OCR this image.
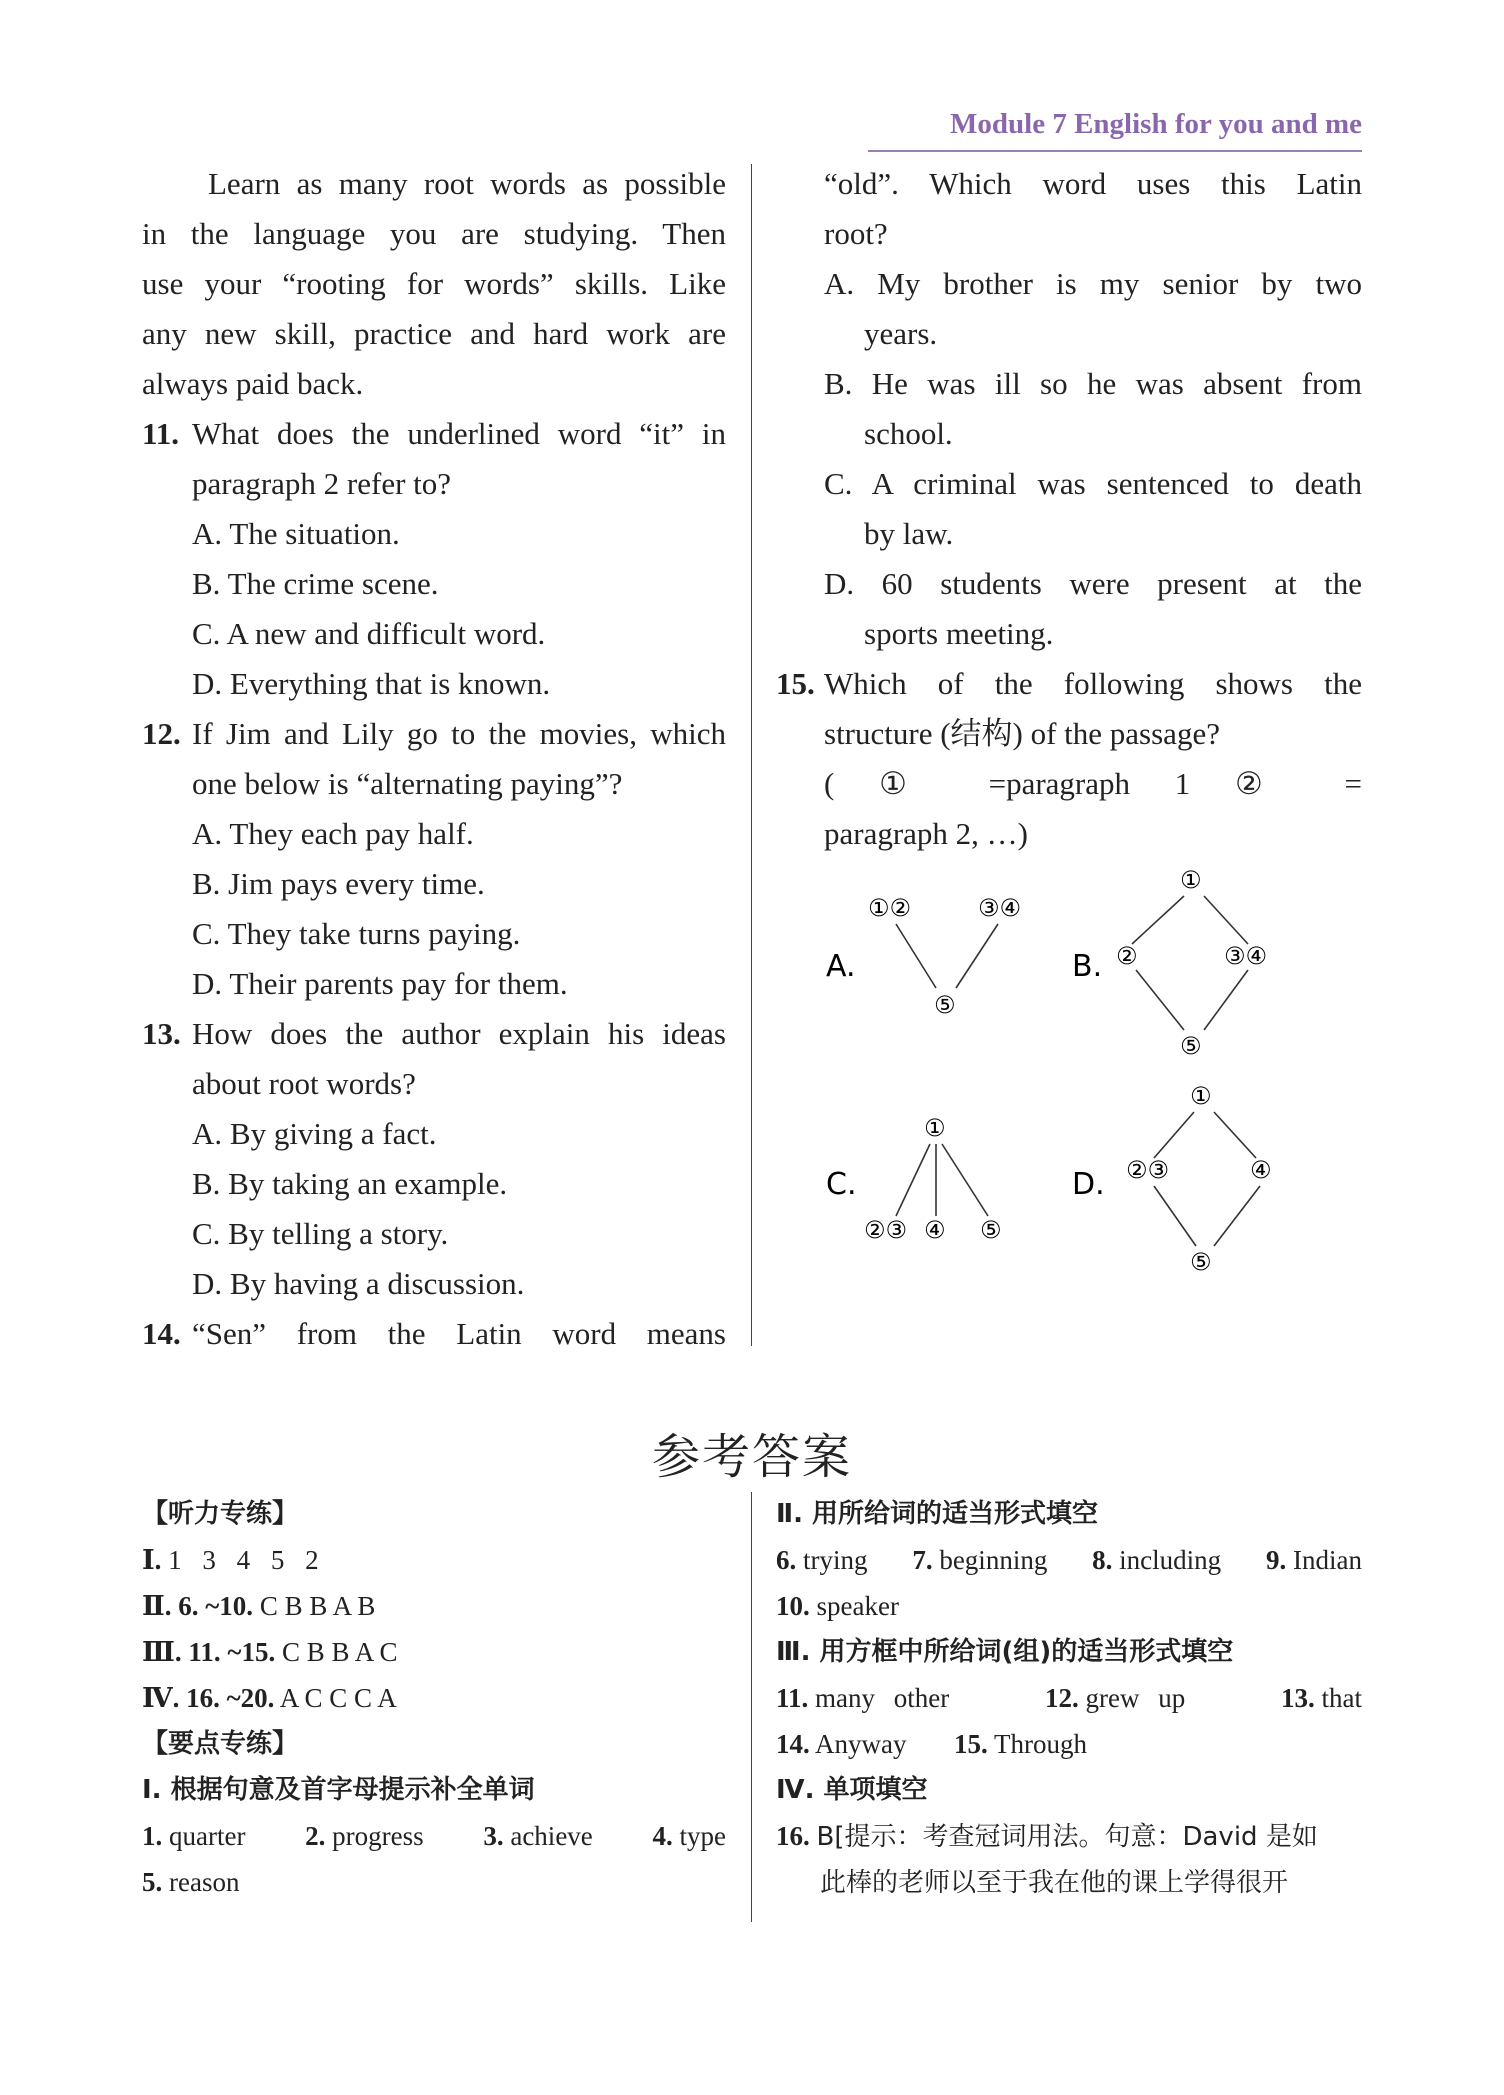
Module 7 English for you and me
Learn as many root words as possible
in the language you are studying. Then
use your “rooting for words” skills. Like
any new skill, practice and hard work are
always paid back.
11. What does the underlined word “it” in
paragraph 2 refer to?
A. The situation.
B. The crime scene.
C. A new and difficult word.
D. Everything that is known.
12. If Jim and Lily go to the movies, which
one below is “alternating paying”?
A. They each pay half.
B. Jim pays every time.
C. They take turns paying.
D. Their parents pay for them.
13. How does the author explain his ideas
about root words?
A. By giving a fact.
B. By taking an example.
C. By telling a story.
D. By having a discussion.
14. “Sen” from the Latin word means
“old”. Which word uses this Latin
root?
A. My brother is my senior by two
years.
B. He was ill so he was absent from
school.
C. A criminal was sentenced to death
by law.
D. 60 students were present at the
sports meeting.
15. Which of the following shows the
structure (结构) of the passage?
( ① =paragraph 1 ② =
paragraph 2, …)
A.
①②	③④
⑤
B.
①
②	③④
⑤
C.
①
②③ ④ ⑤
D.
①
②③	④
⑤
参考答案
【听力专练】
Ⅰ. 1 3 4 5 2
Ⅱ. 6. ~10. C B B A B
Ⅲ. 11. ~15. C B B A C
Ⅳ. 16. ~20. A C C C A
【要点专练】
Ⅰ. 根据句意及首字母提示补全单词
1. quarter 2. progress 3. achieve 4. type
5. reason
Ⅱ. 用所给词的适当形式填空
6. trying 7. beginning 8. including 9. Indian
10. speaker
Ⅲ. 用方框中所给词(组)的适当形式填空
11. many other	12. grew up	13. that
14. Anyway 15. Through
Ⅳ. 单项填空
16. B[提示：考查冠词用法。句意：David 是如
此棒的老师以至于我在他的课上学得很开
